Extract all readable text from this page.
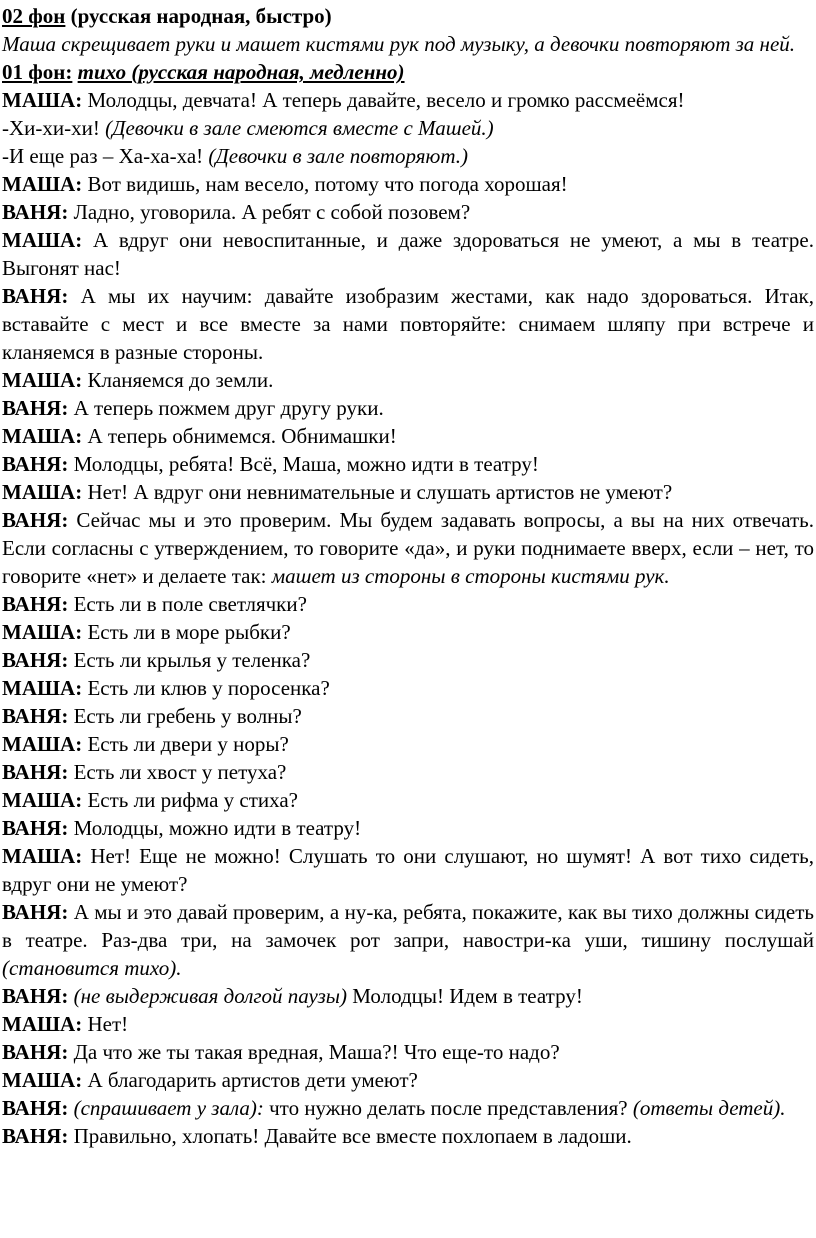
02 фон (русская народная, быстро)

Маша скрещивает руки и машет кистями рук под музыку, а девочки повторяют за ней.

01 фон: тихо (русская народная, медленно)

МАША: Молодцы, девчата! А теперь давайте, весело и громко рассмеёмся!

-Хи-хи-хи! (Девочки в зале смеются вместе с Машей.)

-И еще раз – Ха-ха-ха! (Девочки в зале повторяют.)

МАША: Вот видишь, нам весело, потому что погода хорошая!

ВАНЯ: Ладно, уговорила. А ребят с собой позовем?

МАША: А вдруг они невоспитанные, и даже здороваться не умеют, а мы в театре. Выгонят нас!

ВАНЯ: А мы их научим: давайте изобразим жестами, как надо здороваться. Итак, вставайте с мест и все вместе за нами повторяйте: снимаем шляпу при встрече и кланяемся в разные стороны.

МАША: Кланяемся до земли.

ВАНЯ: А теперь пожмем друг другу руки.

МАША: А теперь обнимемся. Обнимашки!

ВАНЯ: Молодцы, ребята! Всё, Маша, можно идти в театру!

МАША: Нет! А вдруг они невнимательные и слушать артистов не умеют?

ВАНЯ: Сейчас мы и это проверим. Мы будем задавать вопросы, а вы на них отвечать. Если согласны с утверждением, то говорите «да», и руки поднимаете вверх, если – нет, то говорите «нет» и делаете так: машет из стороны в стороны кистями рук.

ВАНЯ: Есть ли в поле светлячки?

МАША: Есть ли в море рыбки?

ВАНЯ: Есть ли крылья у теленка?

МАША: Есть ли клюв у поросенка?

ВАНЯ: Есть ли гребень у волны?

МАША: Есть ли двери у норы?

ВАНЯ: Есть ли хвост у петуха?

МАША: Есть ли рифма у стиха?

ВАНЯ: Молодцы, можно идти в театру!

МАША: Нет! Еще не можно! Слушать то они слушают, но шумят! А вот тихо сидеть, вдруг они не умеют?

ВАНЯ: А мы и это давай проверим, а ну-ка, ребята, покажите, как вы тихо должны сидеть в театре. Раз-два три, на замочек рот запри, навостри-ка уши, тишину послушай (становится тихо).

ВАНЯ: (не выдерживая долгой паузы) Молодцы! Идем в театру!

МАША: Нет!

ВАНЯ: Да что же ты такая вредная, Маша?! Что еще-то надо?

МАША: А благодарить артистов дети умеют?

ВАНЯ: (спрашивает у зала): что нужно делать после представления? (ответы детей).

ВАНЯ: Правильно, хлопать! Давайте все вместе похлопаем в ладоши.
